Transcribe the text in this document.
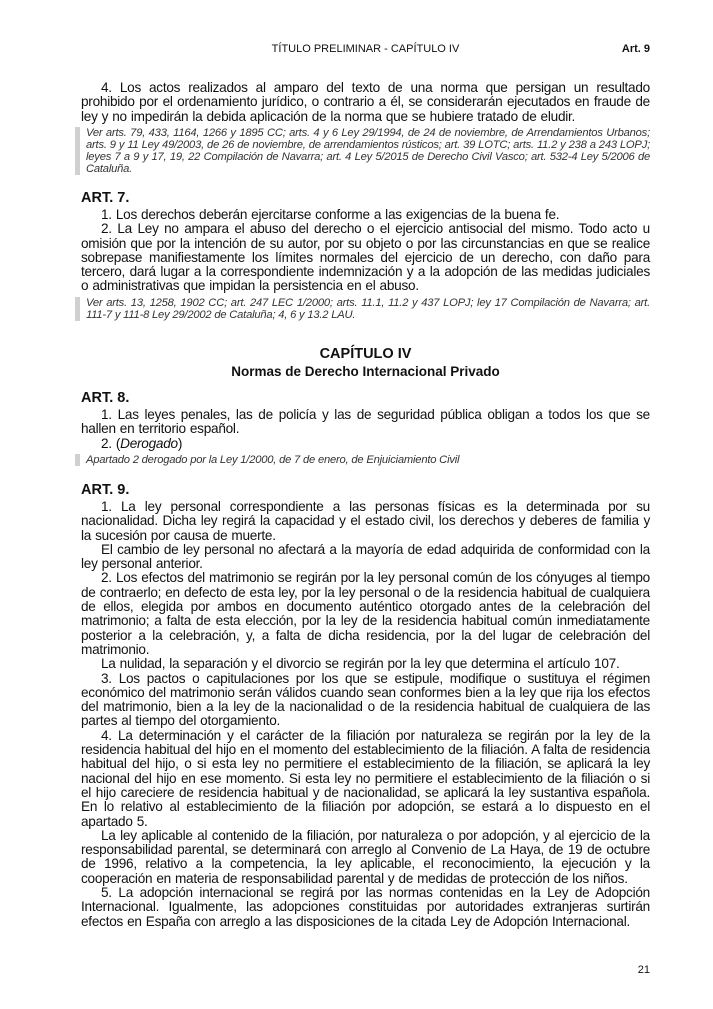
TÍTULO PRELIMINAR - CAPÍTULO IV	Art. 9

4. Los actos realizados al amparo del texto de una norma que persigan un resultado prohibido por el ordenamiento jurídico, o contrario a él, se considerarán ejecutados en fraude de ley y no impedirán la debida aplicación de la norma que se hubiere tratado de eludir.

Ver arts. 79, 433, 1164, 1266 y 1895 CC; arts. 4 y 6 Ley 29/1994, de 24 de noviembre, de Arrendamientos Urbanos; arts. 9 y 11 Ley 49/2003, de 26 de noviembre, de arrendamientos rústicos; art. 39 LOTC; arts. 11.2 y 238 a 243 LOPJ; leyes 7 a 9 y 17, 19, 22 Compilación de Navarra; art. 4 Ley 5/2015 de Derecho Civil Vasco; art. 532-4 Ley 5/2006 de Cataluña.
ART. 7.

1. Los derechos deberán ejercitarse conforme a las exigencias de la buena fe.

2. La Ley no ampara el abuso del derecho o el ejercicio antisocial del mismo. Todo acto u omisión que por la intención de su autor, por su objeto o por las circunstancias en que se realice sobrepase manifiestamente los límites normales del ejercicio de un derecho, con daño para tercero, dará lugar a la correspondiente indemnización y a la adopción de las medidas judiciales o administrativas que impidan la persistencia en el abuso.

Ver arts. 13, 1258, 1902 CC; art. 247 LEC 1/2000; arts. 11.1, 11.2 y 437 LOPJ; ley 17 Compilación de Navarra; art. 111-7 y 111-8 Ley 29/2002 de Cataluña; 4, 6 y 13.2 LAU.
CAPÍTULO IV
Normas de Derecho Internacional Privado
ART. 8.

1. Las leyes penales, las de policía y las de seguridad pública obligan a todos los que se hallen en territorio español.

2. (Derogado)

Apartado 2 derogado por la Ley 1/2000, de 7 de enero, de Enjuiciamiento Civil
ART. 9.

1. La ley personal correspondiente a las personas físicas es la determinada por su nacionalidad. Dicha ley regirá la capacidad y el estado civil, los derechos y deberes de familia y la sucesión por causa de muerte.

El cambio de ley personal no afectará a la mayoría de edad adquirida de conformidad con la ley personal anterior.

2. Los efectos del matrimonio se regirán por la ley personal común de los cónyuges al tiempo de contraerlo; en defecto de esta ley, por la ley personal o de la residencia habitual de cualquiera de ellos, elegida por ambos en documento auténtico otorgado antes de la celebración del matrimonio; a falta de esta elección, por la ley de la residencia habitual común inmediatamente posterior a la celebración, y, a falta de dicha residencia, por la del lugar de celebración del matrimonio.

La nulidad, la separación y el divorcio se regirán por la ley que determina el artículo 107.

3. Los pactos o capitulaciones por los que se estipule, modifique o sustituya el régimen económico del matrimonio serán válidos cuando sean conformes bien a la ley que rija los efectos del matrimonio, bien a la ley de la nacionalidad o de la residencia habitual de cualquiera de las partes al tiempo del otorgamiento.

4. La determinación y el carácter de la filiación por naturaleza se regirán por la ley de la residencia habitual del hijo en el momento del establecimiento de la filiación. A falta de residencia habitual del hijo, o si esta ley no permitiere el establecimiento de la filiación, se aplicará la ley nacional del hijo en ese momento. Si esta ley no permitiere el establecimiento de la filiación o si el hijo careciere de residencia habitual y de nacionalidad, se aplicará la ley sustantiva española. En lo relativo al establecimiento de la filiación por adopción, se estará a lo dispuesto en el apartado 5.

La ley aplicable al contenido de la filiación, por naturaleza o por adopción, y al ejercicio de la responsabilidad parental, se determinará con arreglo al Convenio de La Haya, de 19 de octubre de 1996, relativo a la competencia, la ley aplicable, el reconocimiento, la ejecución y la cooperación en materia de responsabilidad parental y de medidas de protección de los niños.

5. La adopción internacional se regirá por las normas contenidas en la Ley de Adopción Internacional. Igualmente, las adopciones constituidas por autoridades extranjeras surtirán efectos en España con arreglo a las disposiciones de la citada Ley de Adopción Internacional.

21
